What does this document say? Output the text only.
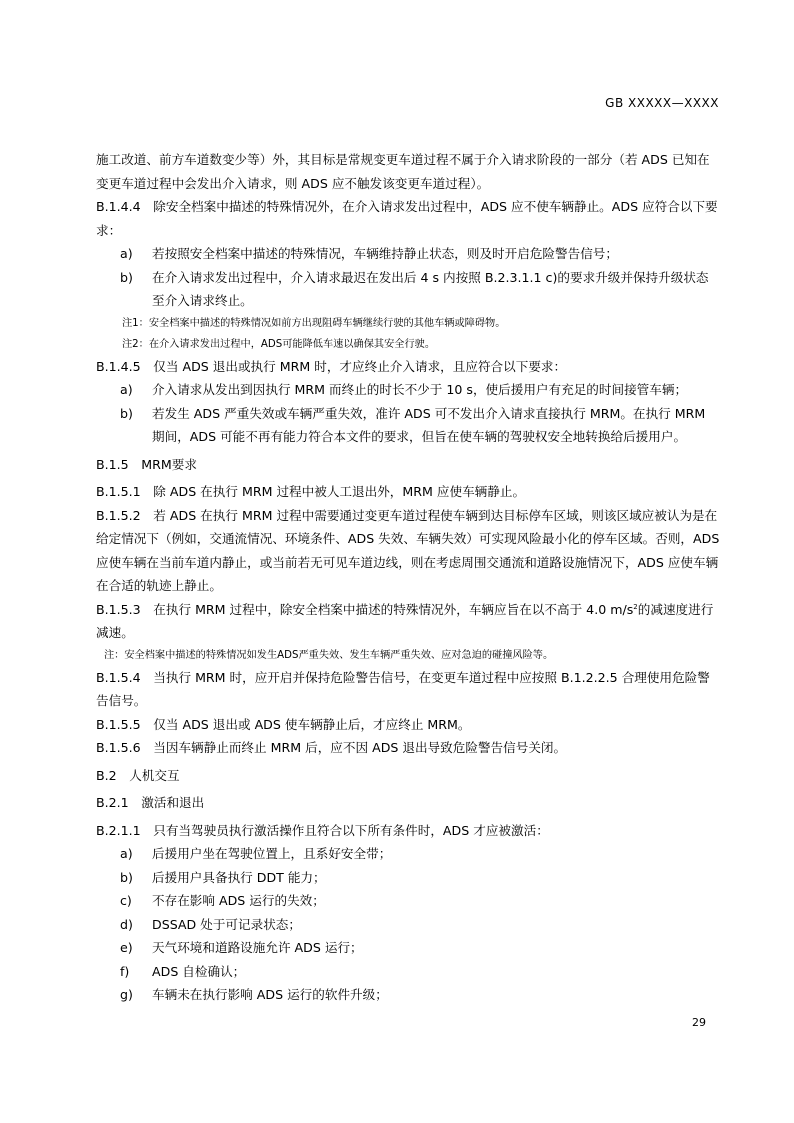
GB XXXXX—XXXX

施工改道、前方车道数变少等）外，其目标是常规变更车道过程不属于介入请求阶段的一部分（若 ADS 已知在变更车道过程中会发出介入请求，则 ADS 应不触发该变更车道过程）。

B.1.4.4　除安全档案中描述的特殊情况外，在介入请求发出过程中，ADS 应不使车辆静止。ADS 应符合以下要求：

a) 若按照安全档案中描述的特殊情况，车辆维持静止状态，则及时开启危险警告信号；

b) 在介入请求发出过程中，介入请求最迟在发出后 4 s 内按照 B.2.3.1.1 c)的要求升级并保持升级状态至介入请求终止。

注1：安全档案中描述的特殊情况如前方出现阻碍车辆继续行驶的其他车辆或障碍物。

注2：在介入请求发出过程中，ADS可能降低车速以确保其安全行驶。

B.1.4.5　仅当 ADS 退出或执行 MRM 时，才应终止介入请求，且应符合以下要求：

a) 介入请求从发出到因执行 MRM 而终止的时长不少于 10 s，使后援用户有充足的时间接管车辆；

b) 若发生 ADS 严重失效或车辆严重失效，准许 ADS 可不发出介入请求直接执行 MRM。在执行 MRM 期间，ADS 可能不再有能力符合本文件的要求，但旨在使车辆的驾驶权安全地转换给后援用户。

B.1.5　MRM要求

B.1.5.1　除 ADS 在执行 MRM 过程中被人工退出外，MRM 应使车辆静止。

B.1.5.2　若 ADS 在执行 MRM 过程中需要通过变更车道过程使车辆到达目标停车区域，则该区域应被认为是在给定情况下（例如，交通流情况、环境条件、ADS 失效、车辆失效）可实现风险最小化的停车区域。否则，ADS 应使车辆在当前车道内静止，或当前若无可见车道边线，则在考虑周围交通流和道路设施情况下，ADS 应使车辆在合适的轨迹上静止。

B.1.5.3　在执行 MRM 过程中，除安全档案中描述的特殊情况外，车辆应旨在以不高于 4.0 $m/s^2$的减速度进行减速。

注：安全档案中描述的特殊情况如发生ADS严重失效、发生车辆严重失效、应对急迫的碰撞风险等。

B.1.5.4　当执行 MRM 时，应开启并保持危险警告信号，在变更车道过程中应按照 B.1.2.2.5 合理使用危险警告信号。

B.1.5.5　仅当 ADS 退出或 ADS 使车辆静止后，才应终止 MRM。

B.1.5.6　当因车辆静止而终止 MRM 后，应不因 ADS 退出导致危险警告信号关闭。

B.2　人机交互

B.2.1　激活和退出

B.2.1.1　只有当驾驶员执行激活操作且符合以下所有条件时，ADS 才应被激活：

a) 后援用户坐在驾驶位置上，且系好安全带；

b) 后援用户具备执行 DDT 能力；

c) 不存在影响 ADS 运行的失效；

d) DSSAD 处于可记录状态；

e) 天气环境和道路设施允许 ADS 运行；

f) ADS 自检确认；

g) 车辆未在执行影响 ADS 运行的软件升级；

29
